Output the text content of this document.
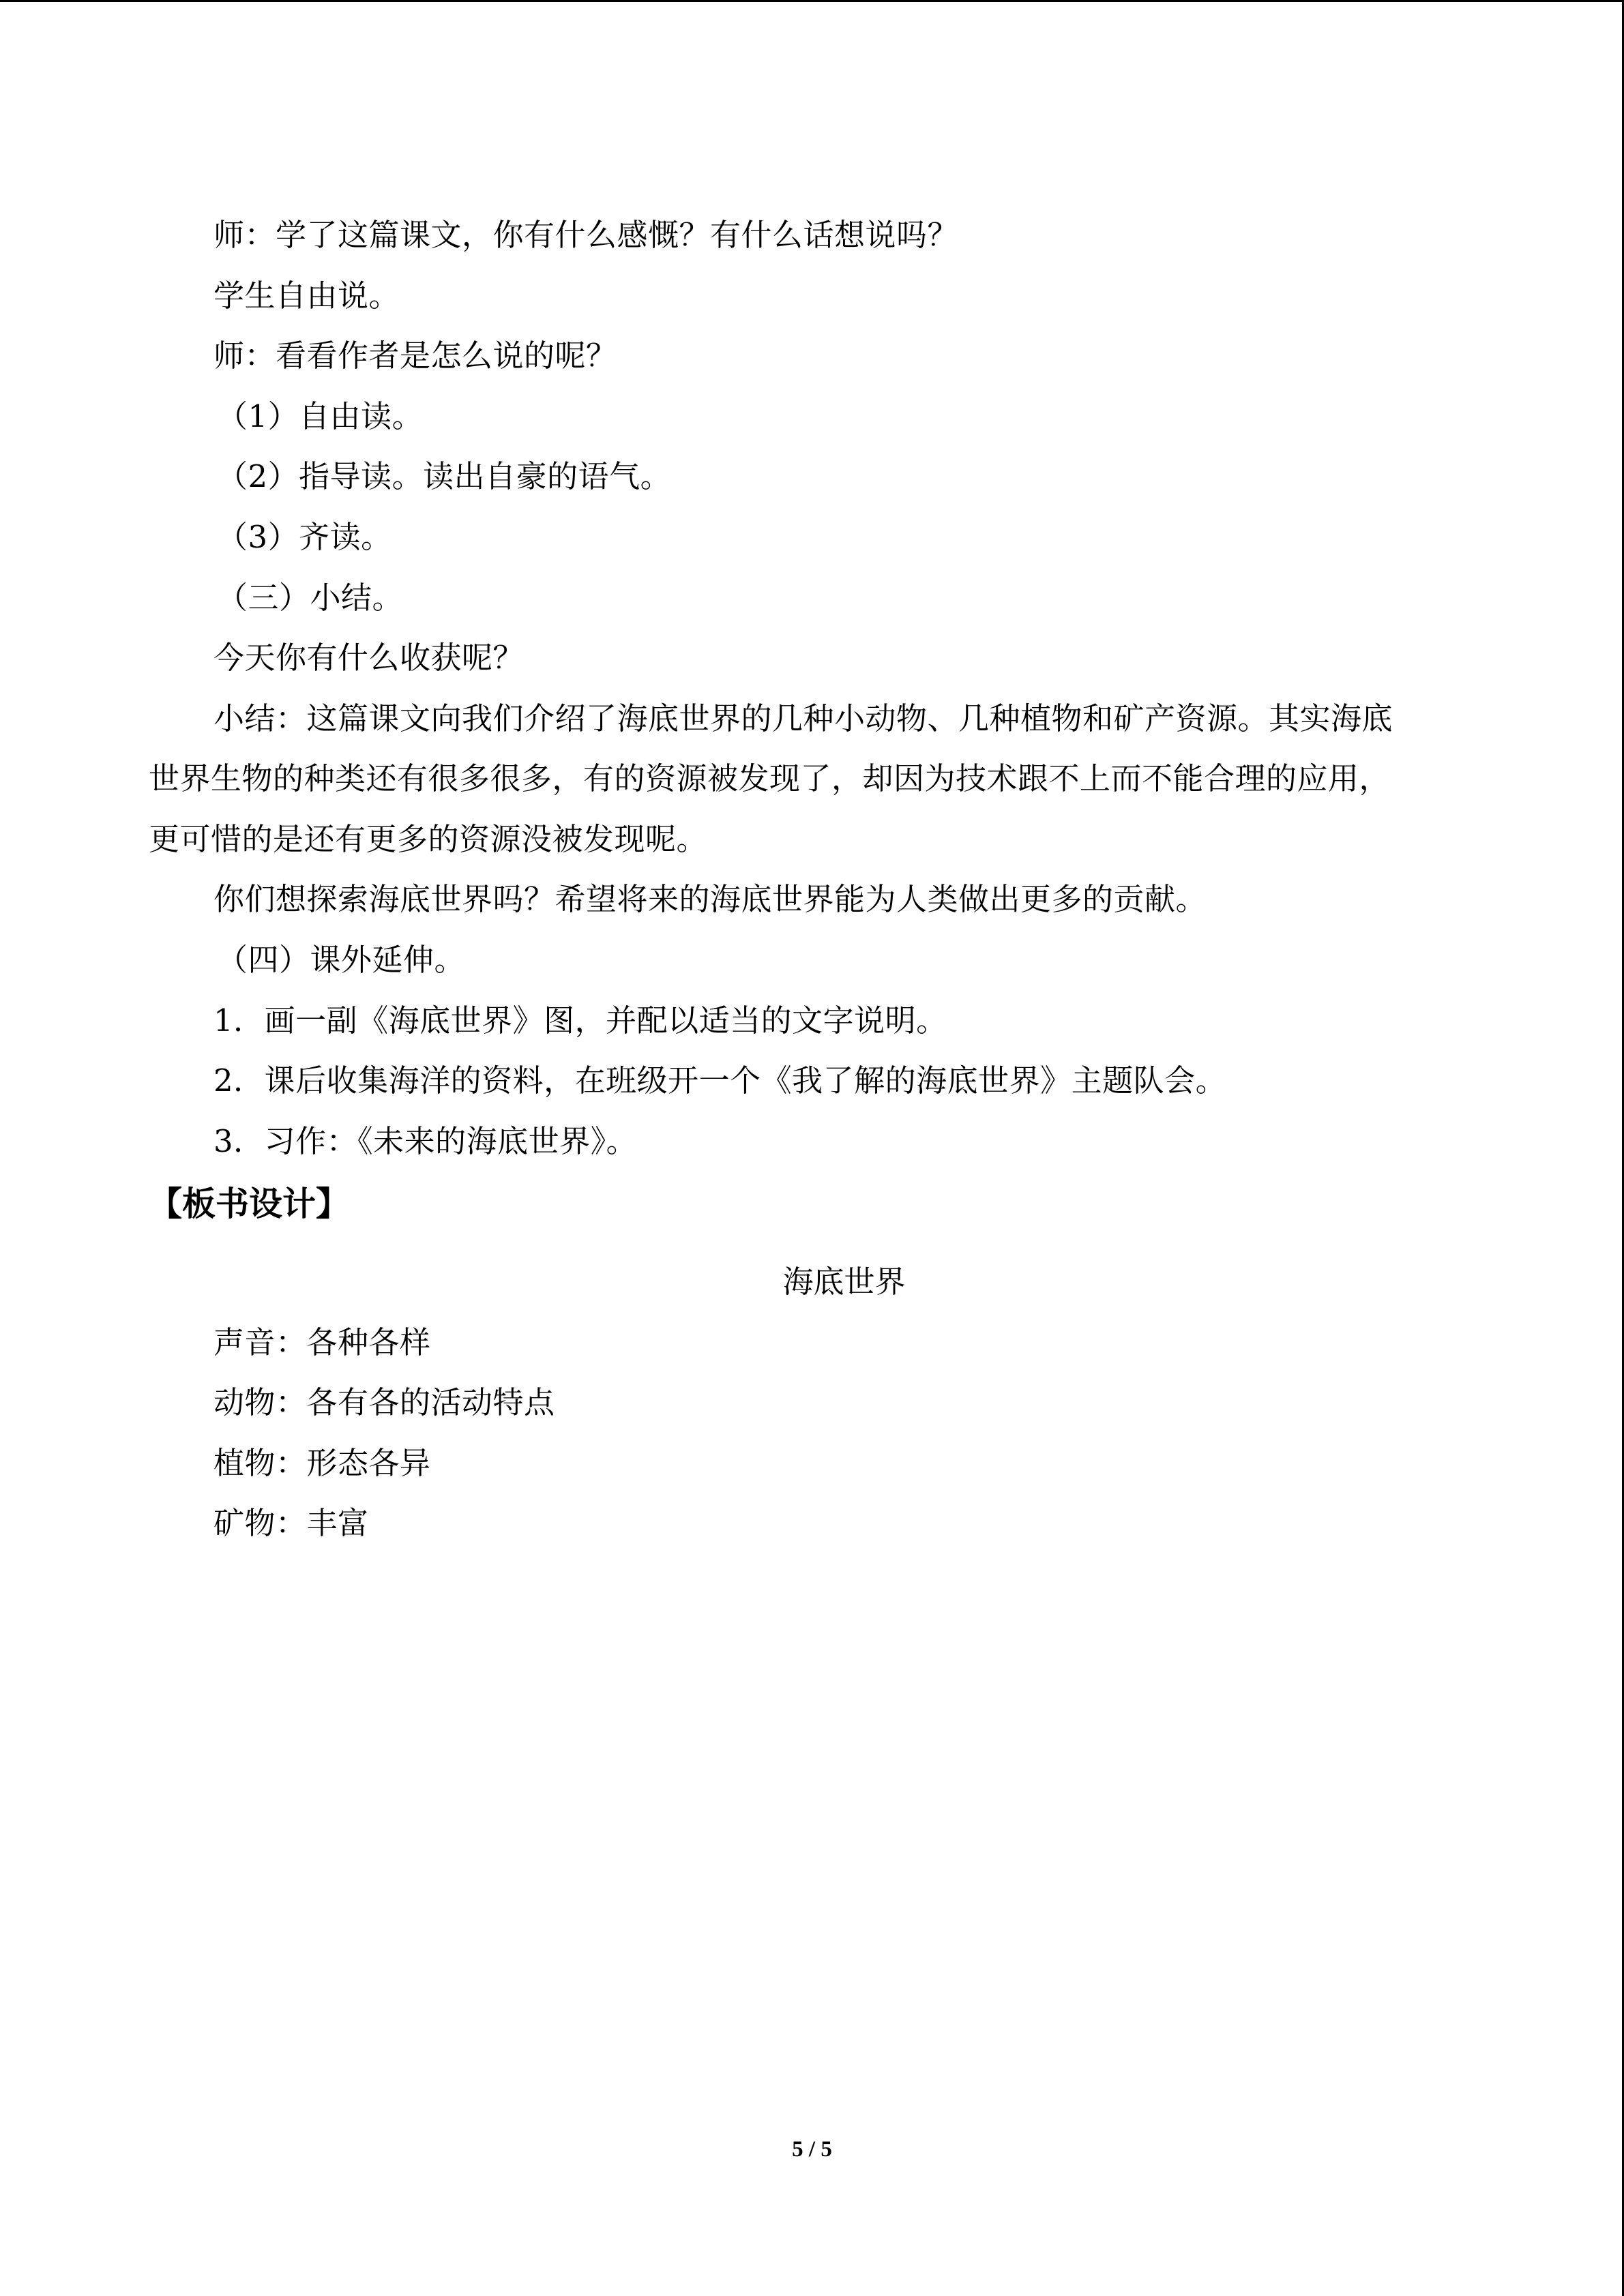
师：学了这篇课文，你有什么感慨？有什么话想说吗？
学生自由说。
师：看看作者是怎么说的呢？
（1）自由读。
（2）指导读。读出自豪的语气。
（3）齐读。
（三）小结。
今天你有什么收获呢？
小结：这篇课文向我们介绍了海底世界的几种小动物、几种植物和矿产资源。其实海底
世界生物的种类还有很多很多，有的资源被发现了，却因为技术跟不上而不能合理的应用，
更可惜的是还有更多的资源没被发现呢。
你们想探索海底世界吗？希望将来的海底世界能为人类做出更多的贡献。
（四）课外延伸。
1．画一副《海底世界》图，并配以适当的文字说明。
2．课后收集海洋的资料，在班级开一个《我了解的海底世界》主题队会。
3．习作：《未来的海底世界》。
【板书设计】
海底世界
声音：各种各样
动物：各有各的活动特点
植物：形态各异
矿物：丰富
5 / 5
